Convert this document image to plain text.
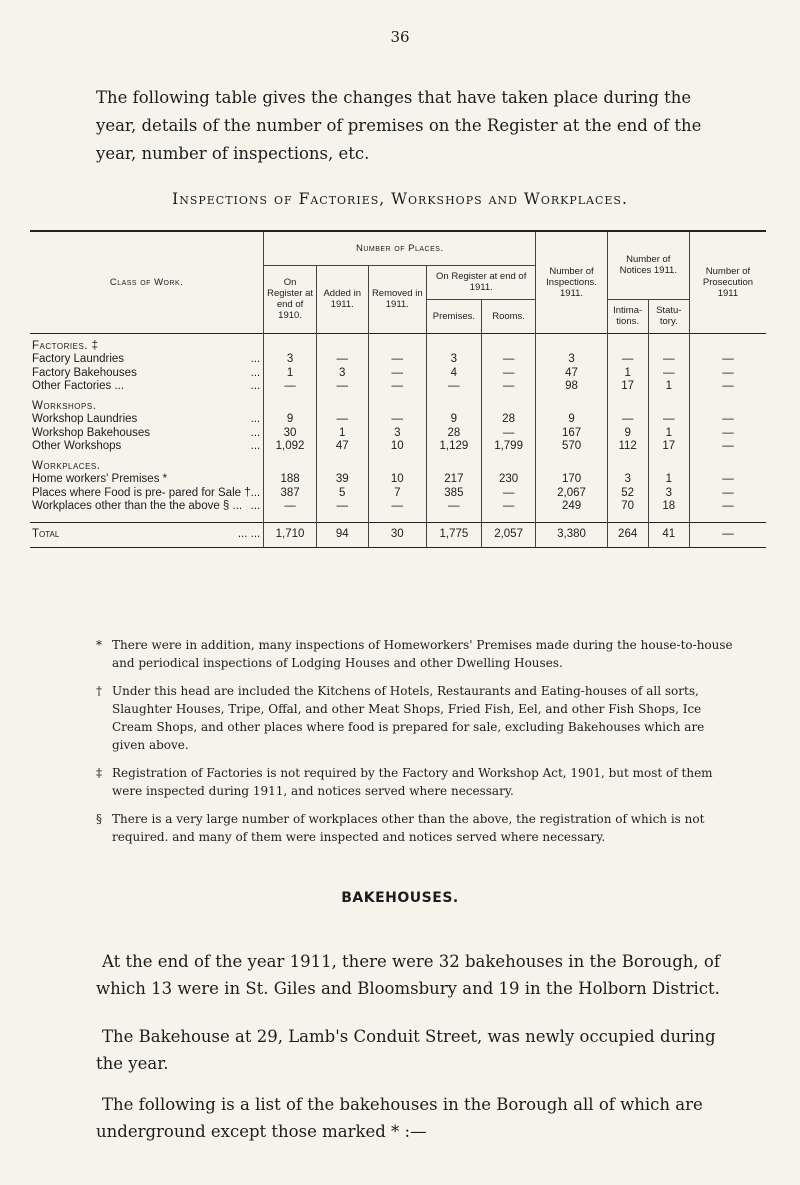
36

The following table gives the changes that have taken place during the year, details of the number of premises on the Register at the end of the year, number of inspections, etc.

Inspections of Factories, Workshops and Workplaces.
Class of Work.	Number of Places.					Number of Inspections. 1911.	Number of Notices 1911.		Number of Prosecution 1911
	On Register at end of 1910.	Added in 1911.	Removed in 1911.	On Register at end of 1911.					
				Premises.	Rooms.		Intima- tions.	Statu- tory.	
Factories. ‡									

Factory Laundries ...	3	—	—	3	—	3	—	—	—

Factory Bakehouses ...	1	3	—	4	—	47	1	—	—

Other Factories ... ...	—	—	—	—	—	98	17	1	—
Workshops.									

Workshop Laundries ...	9	—	—	9	28	9	—	—	—

Workshop Bakehouses ...	30	1	3	28	—	167	9	1	—

Other Workshops ...	1,092	47	10	1,129	1,799	570	112	17	—
Workplaces.									

Home workers' Premises *	188	39	10	217	230	170	3	1	—

Places where Food is pre- pared for Sale † ...	387	5	7	385	—	2,067	52	3	—

Workplaces other than the the above § ... ...	—	—	—	—	—	249	70	18	—

Total ... ...	1,710	94	30	1,775	2,057	3,380	264	41	—
* There were in addition, many inspections of Homeworkers' Premises made during the house-to-house and periodical inspections of Lodging Houses and other Dwelling Houses.
† Under this head are included the Kitchens of Hotels, Restaurants and Eating-houses of all sorts, Slaughter Houses, Tripe, Offal, and other Meat Shops, Fried Fish, Eel, and other Fish Shops, Ice Cream Shops, and other places where food is prepared for sale, excluding Bakehouses which are given above.
‡ Registration of Factories is not required by the Factory and Workshop Act, 1901, but most of them were inspected during 1911, and notices served where necessary.
§ There is a very large number of workplaces other than the above, the registration of which is not required. and many of them were inspected and notices served where necessary.
BAKEHOUSES.

At the end of the year 1911, there were 32 bakehouses in the Borough, of which 13 were in St. Giles and Bloomsbury and 19 in the Holborn District.

The Bakehouse at 29, Lamb's Conduit Street, was newly occupied during the year.

The following is a list of the bakehouses in the Borough all of which are underground except those marked * :—
